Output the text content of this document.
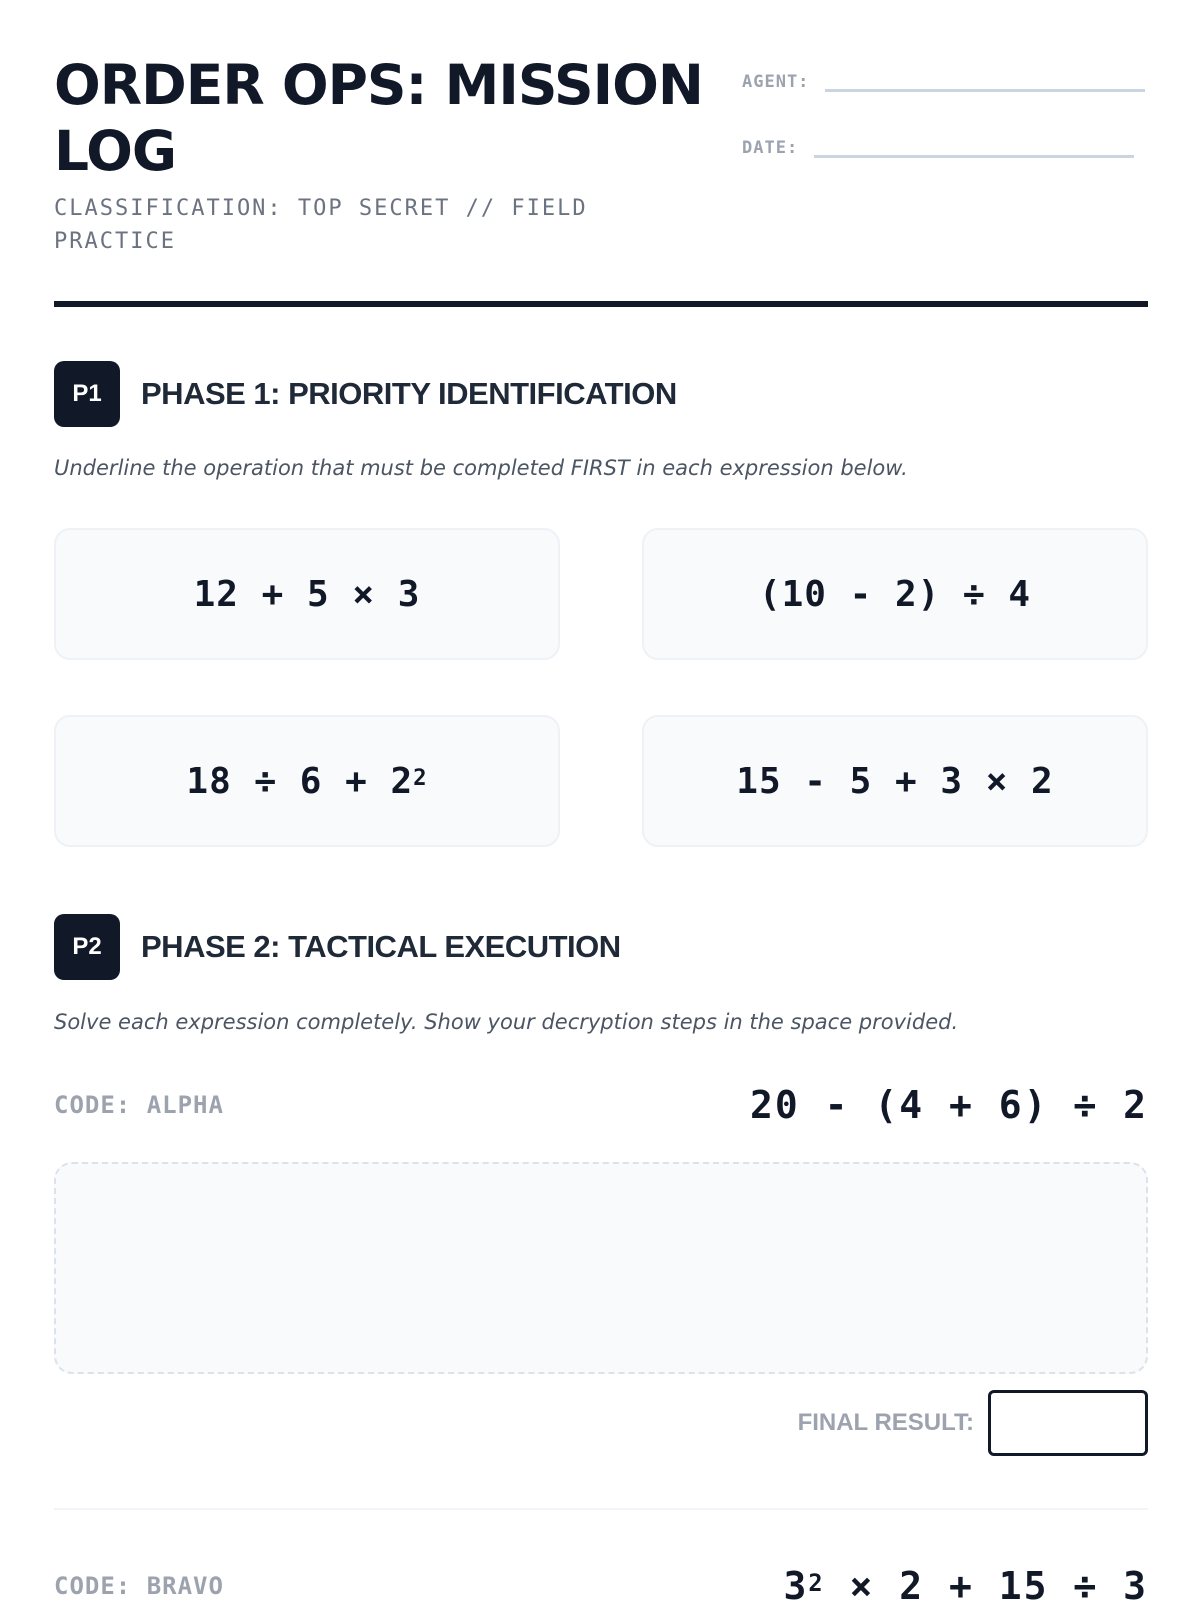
ORDER OPS: MISSION LOG
CLASSIFICATION: TOP SECRET // FIELD PRACTICE
AGENT:
DATE:
P1	PHASE 1: PRIORITY IDENTIFICATION
Underline the operation that must be completed FIRST in each expression below.
12 + 5 × 3	(10 - 2) ÷ 4
$18 \div 6 + 2^2$	15 - 5 + 3 × 2
P2	PHASE 2: TACTICAL EXECUTION
Solve each expression completely. Show your decryption steps in the space provided.
CODE: ALPHA	20 - (4 + 6) ÷ 2
FINAL RESULT:
CODE: BRAVO	$3^2 \times 2 + 15 \div 3$
